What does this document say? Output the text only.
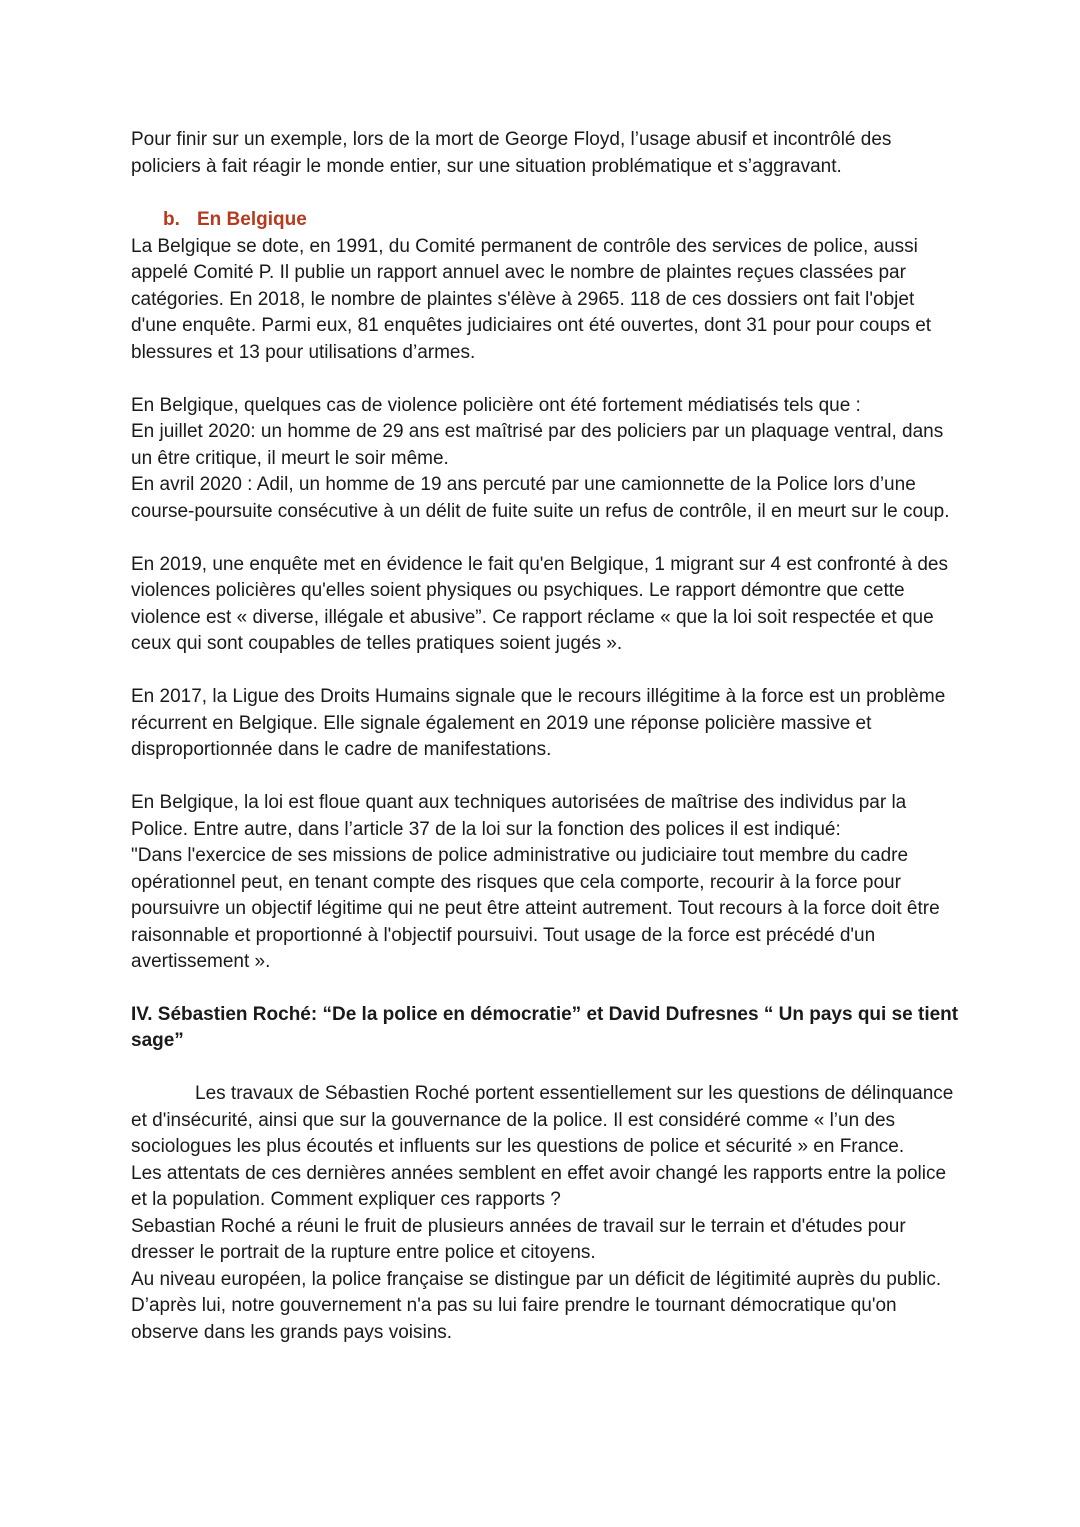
Pour finir sur un exemple, lors de la mort de George Floyd, l’usage abusif et incontrôlé des policiers à fait réagir le monde entier, sur une situation problématique et s’aggravant.

b. En Belgique

La Belgique se dote, en 1991, du Comité permanent de contrôle des services de police, aussi appelé Comité P. Il publie un rapport annuel avec le nombre de plaintes reçues classées par catégories. En 2018, le nombre de plaintes s'élève à 2965. 118 de ces dossiers ont fait l'objet d'une enquête. Parmi eux, 81 enquêtes judiciaires ont été ouvertes, dont 31 pour pour coups et blessures et 13 pour utilisations d’armes.

En Belgique, quelques cas de violence policière ont été fortement médiatisés tels que :

En juillet 2020: un homme de 29 ans est maîtrisé par des policiers par un plaquage ventral, dans un être critique, il meurt le soir même.

En avril 2020 : Adil, un homme de 19 ans percuté par une camionnette de la Police lors d’une course-poursuite consécutive à un délit de fuite suite un refus de contrôle, il en meurt sur le coup.

En 2019, une enquête met en évidence le fait qu'en Belgique, 1 migrant sur 4 est confronté à des violences policières qu'elles soient physiques ou psychiques. Le rapport démontre que cette violence est « diverse, illégale et abusive”. Ce rapport réclame « que la loi soit respectée et que ceux qui sont coupables de telles pratiques soient jugés ».

En 2017, la Ligue des Droits Humains signale que le recours illégitime à la force est un problème récurrent en Belgique. Elle signale également en 2019 une réponse policière massive et disproportionnée dans le cadre de manifestations.

En Belgique, la loi est floue quant aux techniques autorisées de maîtrise des individus par la Police. Entre autre, dans l’article 37 de la loi sur la fonction des polices il est indiqué:

"Dans l'exercice de ses missions de police administrative ou judiciaire tout membre du cadre opérationnel peut, en tenant compte des risques que cela comporte, recourir à la force pour poursuivre un objectif légitime qui ne peut être atteint autrement. Tout recours à la force doit être raisonnable et proportionné à l'objectif poursuivi. Tout usage de la force est précédé d'un avertissement ».

IV. Sébastien Roché: “De la police en démocratie” et David Dufresnes “ Un pays qui se tient sage”

Les travaux de Sébastien Roché portent essentiellement sur les questions de délinquance et d'insécurité, ainsi que sur la gouvernance de la police. Il est considéré comme « l’un des sociologues les plus écoutés et influents sur les questions de police et sécurité » en France.

Les attentats de ces dernières années semblent en effet avoir changé les rapports entre la police et la population. Comment expliquer ces rapports ?

Sebastian Roché a réuni le fruit de plusieurs années de travail sur le terrain et d'études pour dresser le portrait de la rupture entre police et citoyens.

Au niveau européen, la police française se distingue par un déficit de légitimité auprès du public. D’après lui, notre gouvernement n'a pas su lui faire prendre le tournant démocratique qu'on observe dans les grands pays voisins.
